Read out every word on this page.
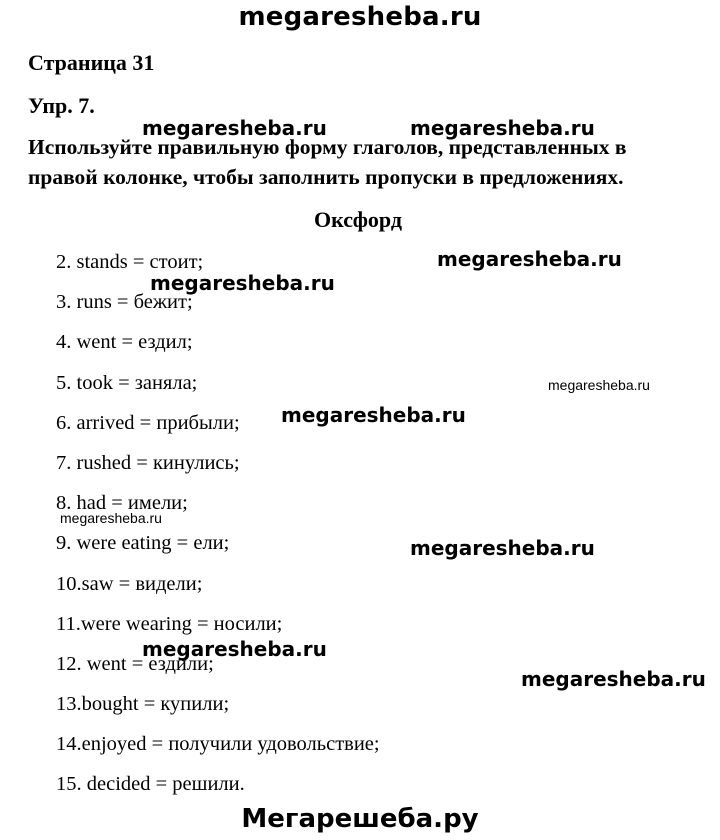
megaresheba.ru
Страница 31
Упр. 7.
Используйте правильную форму глаголов, представленных в правой колонке, чтобы заполнить пропуски в предложениях.
Оксфорд
2. stands = стоит;
3. runs = бежит;
4. went = ездил;
5. took = заняла;
6. arrived = прибыли;
7. rushed = кинулись;
8. had = имели;
9. were eating = ели;
10.saw = видели;
11.were wearing = носили;
12. went = ездили;
13.bought = купили;
14.enjoyed = получили удовольствие;
15. decided = решили.
megaresheba.ru	megaresheba.ru
megaresheba.ru
megaresheba.ru
megaresheba.ru
megaresheba.ru
megaresheba.ru
megaresheba.ru
megaresheba.ru
megaresheba.ru
Мегарешеба.ру
